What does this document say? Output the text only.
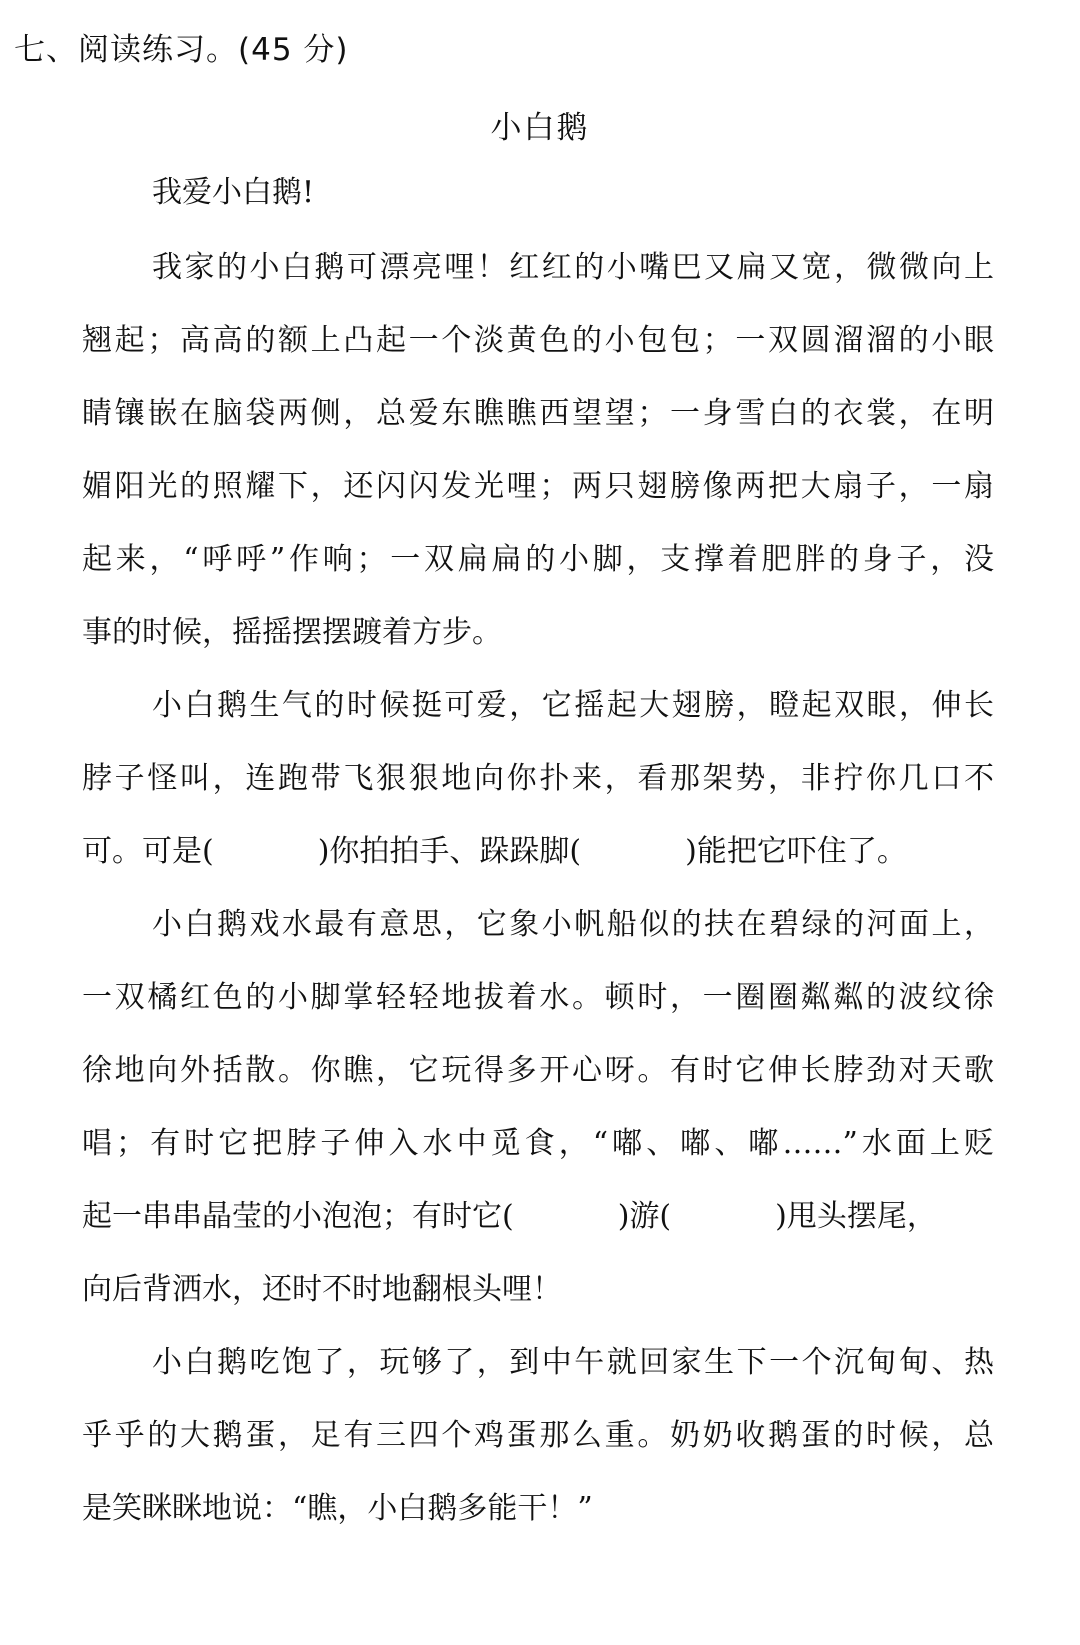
七、阅读练习。(45 分)
小白鹅
我爱小白鹅!
我家的小白鹅可漂亮哩！红红的小嘴巴又扁又宽，微微向上
翘起；高高的额上凸起一个淡黄色的小包包；一双圆溜溜的小眼
睛镶嵌在脑袋两侧，总爱东瞧瞧西望望；一身雪白的衣裳，在明
媚阳光的照耀下，还闪闪发光哩；两只翅膀像两把大扇子，一扇
起来，“呼呼”作响；一双扁扁的小脚，支撑着肥胖的身子，没
事的时候，摇摇摆摆踱着方步。
小白鹅生气的时候挺可爱，它摇起大翅膀，瞪起双眼，伸长
脖子怪叫，连跑带飞狠狠地向你扑来，看那架势，非拧你几口不
可。可是(	)你拍拍手、跺跺脚(	)能把它吓住了。
小白鹅戏水最有意思，它象小帆船似的扶在碧绿的河面上，
一双橘红色的小脚掌轻轻地拔着水。顿时，一圈圈粼粼的波纹徐
徐地向外括散。你瞧，它玩得多开心呀。有时它伸长脖劲对天歌
唱；有时它把脖子伸入水中觅食，“嘟、嘟、嘟……”水面上贬
起一串串晶莹的小泡泡；有时它(	)游(	)甩头摆尾，
向后背洒水，还时不时地翻根头哩！
小白鹅吃饱了，玩够了，到中午就回家生下一个沉甸甸、热
乎乎的大鹅蛋，足有三四个鸡蛋那么重。奶奶收鹅蛋的时候，总
是笑眯眯地说：“瞧，小白鹅多能干！”
